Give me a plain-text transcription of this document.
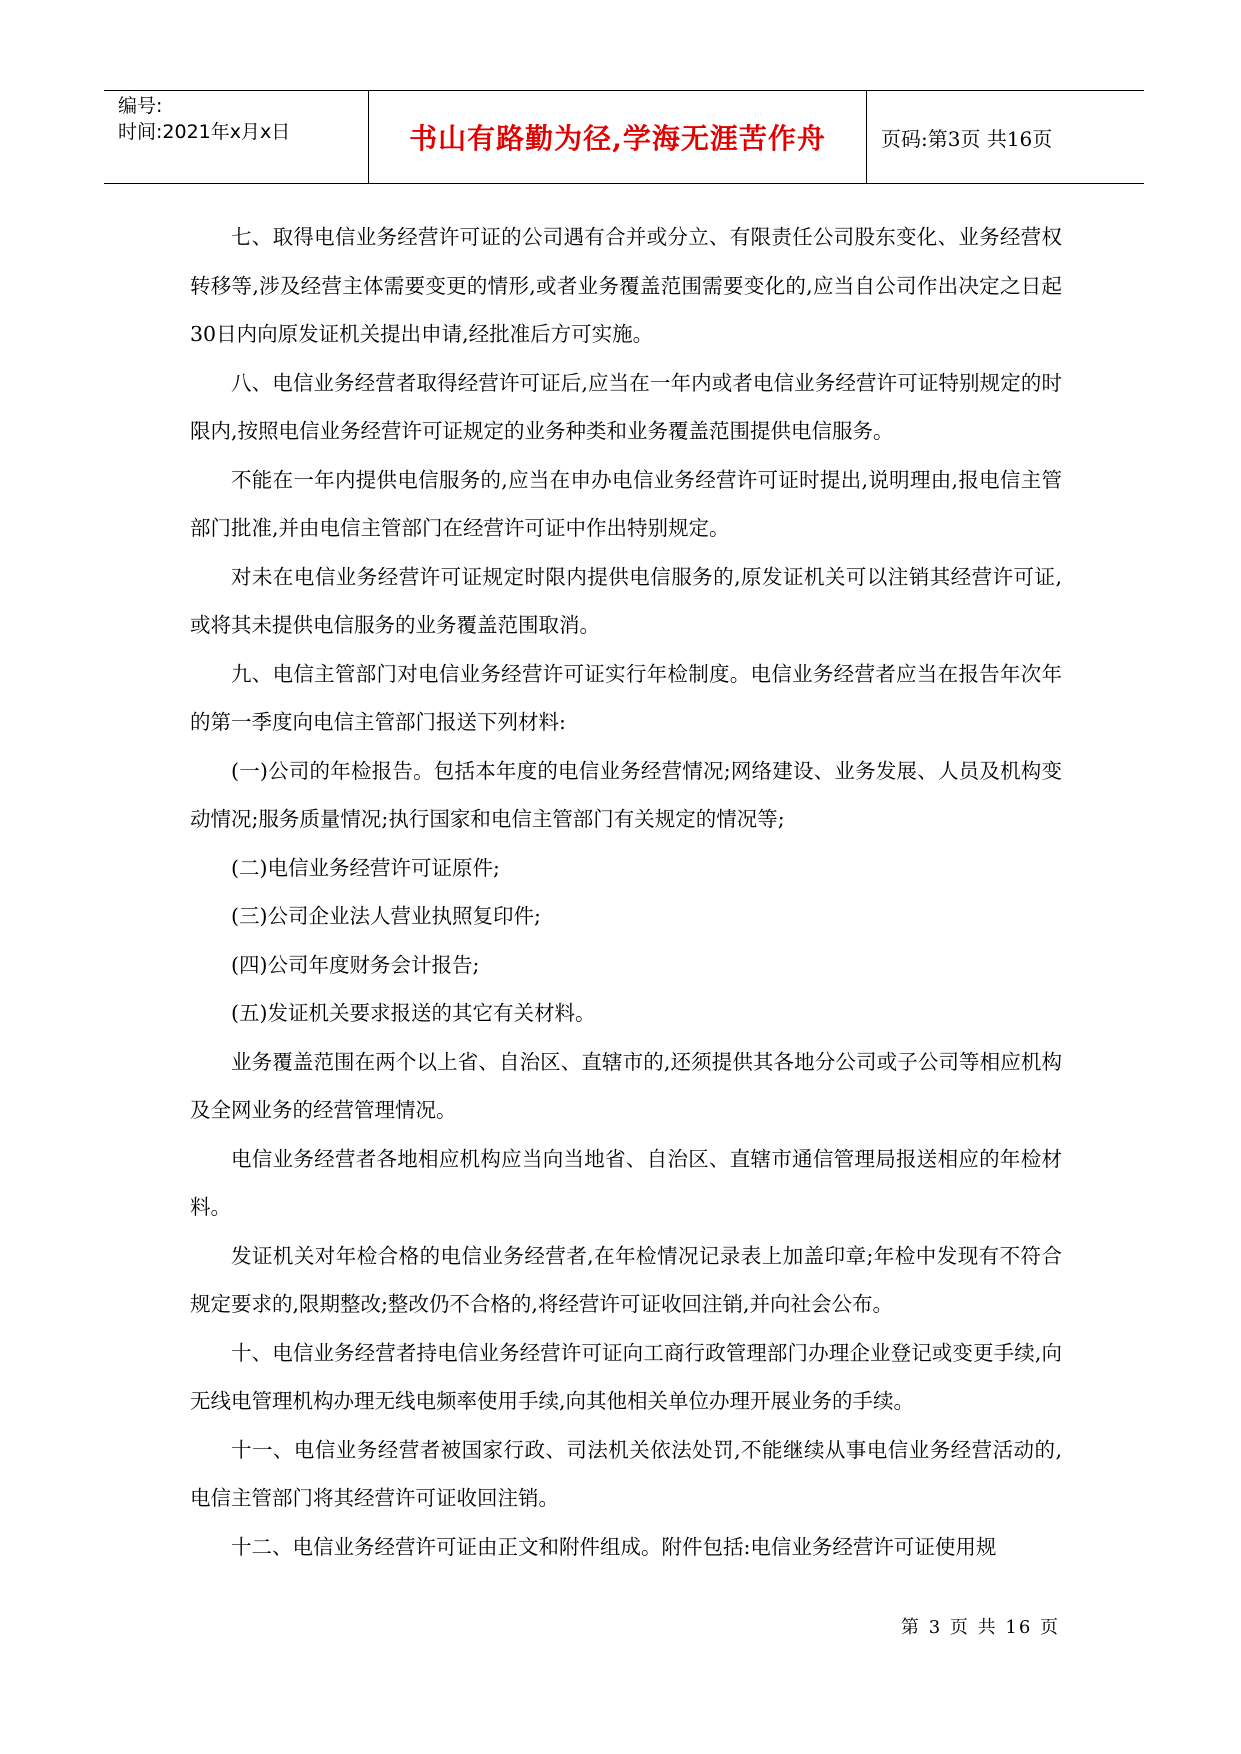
编号:
时间:2021年x月x日	书山有路勤为径,学海无涯苦作舟	页码:第3页 共16页

七、取得电信业务经营许可证的公司遇有合并或分立、有限责任公司股东变化、业务经营权转移等,涉及经营主体需要变更的情形,或者业务覆盖范围需要变化的,应当自公司作出决定之日起30日内向原发证机关提出申请,经批准后方可实施。

八、电信业务经营者取得经营许可证后,应当在一年内或者电信业务经营许可证特别规定的时限内,按照电信业务经营许可证规定的业务种类和业务覆盖范围提供电信服务。

不能在一年内提供电信服务的,应当在申办电信业务经营许可证时提出,说明理由,报电信主管部门批准,并由电信主管部门在经营许可证中作出特别规定。

对未在电信业务经营许可证规定时限内提供电信服务的,原发证机关可以注销其经营许可证,或将其未提供电信服务的业务覆盖范围取消。

九、电信主管部门对电信业务经营许可证实行年检制度。电信业务经营者应当在报告年次年的第一季度向电信主管部门报送下列材料:

(一)公司的年检报告。包括本年度的电信业务经营情况;网络建设、业务发展、人员及机构变动情况;服务质量情况;执行国家和电信主管部门有关规定的情况等;

(二)电信业务经营许可证原件;

(三)公司企业法人营业执照复印件;

(四)公司年度财务会计报告;

(五)发证机关要求报送的其它有关材料。

业务覆盖范围在两个以上省、自治区、直辖市的,还须提供其各地分公司或子公司等相应机构及全网业务的经营管理情况。

电信业务经营者各地相应机构应当向当地省、自治区、直辖市通信管理局报送相应的年检材料。

发证机关对年检合格的电信业务经营者,在年检情况记录表上加盖印章;年检中发现有不符合规定要求的,限期整改;整改仍不合格的,将经营许可证收回注销,并向社会公布。

十、电信业务经营者持电信业务经营许可证向工商行政管理部门办理企业登记或变更手续,向无线电管理机构办理无线电频率使用手续,向其他相关单位办理开展业务的手续。

十一、电信业务经营者被国家行政、司法机关依法处罚,不能继续从事电信业务经营活动的,电信主管部门将其经营许可证收回注销。

十二、电信业务经营许可证由正文和附件组成。附件包括:电信业务经营许可证使用规

第 3 页 共 16 页
